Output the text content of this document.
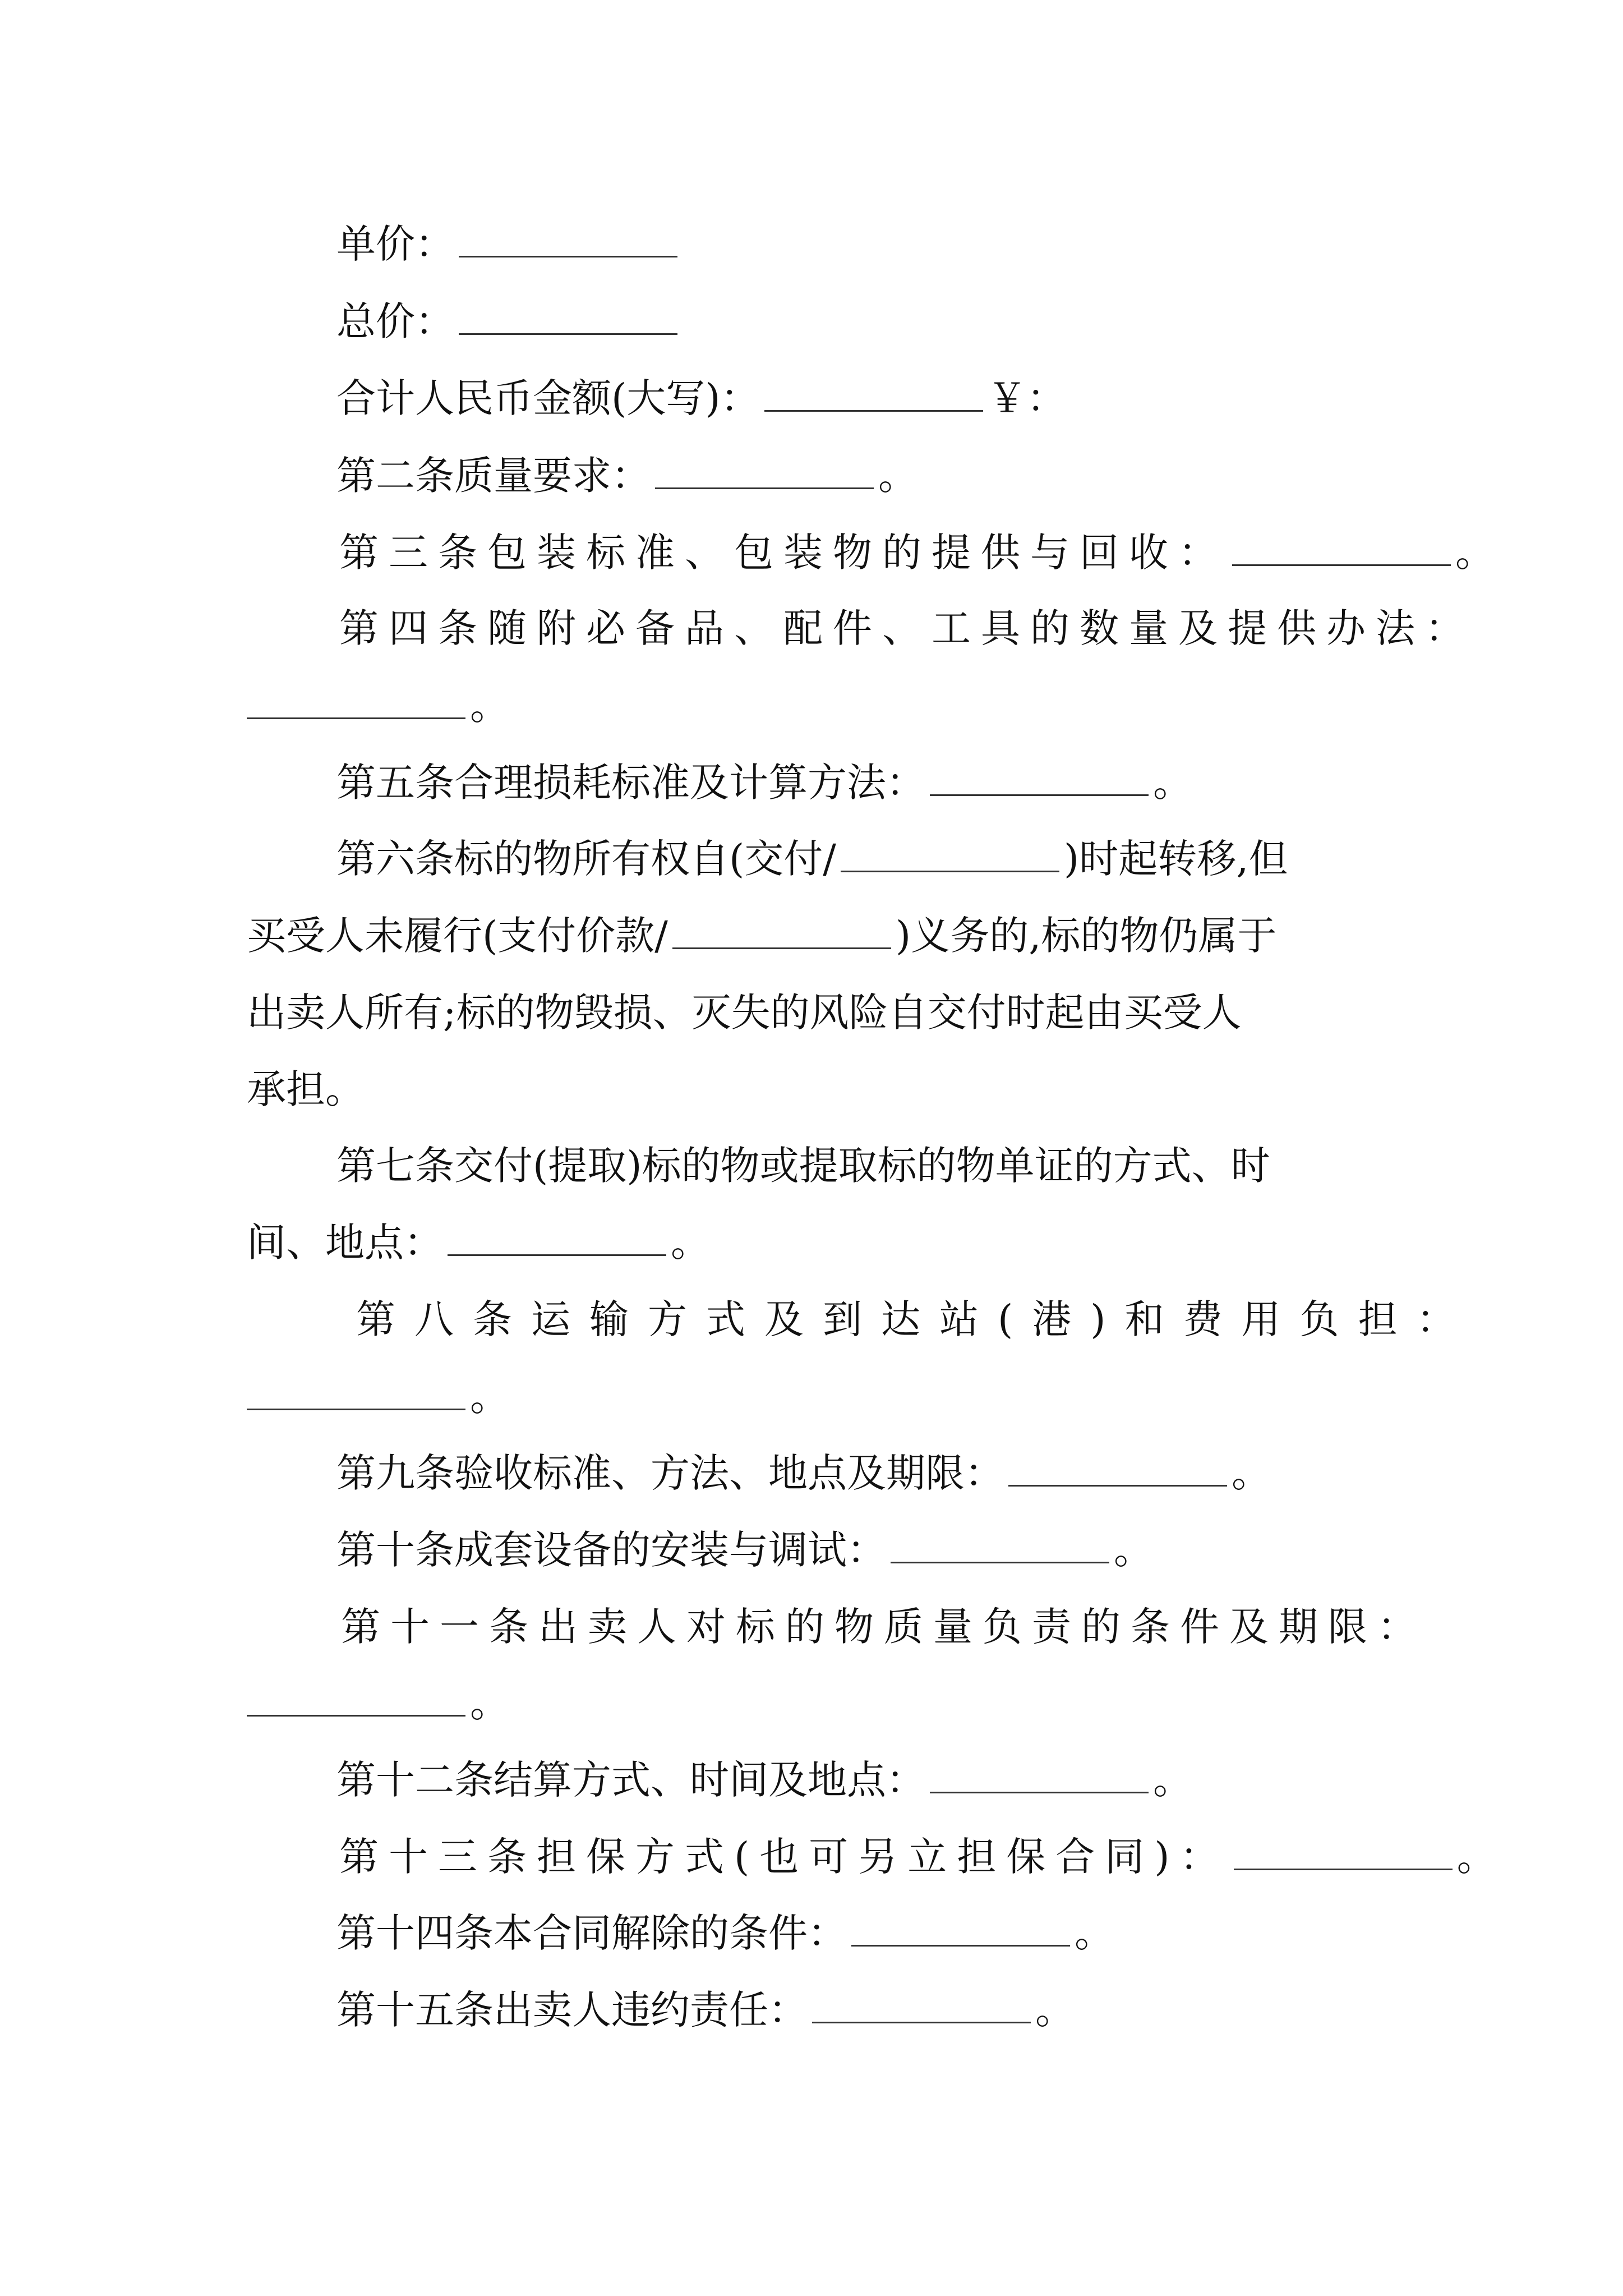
单价：
总价：
合计人民币金额(大写)：	￥：
第二条质量要求：	。
第三条包装标准、包装物的提供与回收：	。
第四条随附必备品、配件、工具的数量及提供办法：
。
第五条合理损耗标准及计算方法：	。
第六条标的物所有权自(交付/	)时起转移,但
买受人未履行(支付价款/	)义务的,标的物仍属于
出卖人所有;标的物毁损、灭失的风险自交付时起由买受人
承担。
第七条交付(提取)标的物或提取标的物单证的方式、时
间、地点：	。
第八条运输方式及到达站(港)和费用负担：
。
第九条验收标准、方法、地点及期限：	。
第十条成套设备的安装与调试：	。
第十一条出卖人对标的物质量负责的条件及期限：
。
第十二条结算方式、时间及地点：	。
第十三条担保方式(也可另立担保合同)：	。
第十四条本合同解除的条件：	。
第十五条出卖人违约责任：	。
